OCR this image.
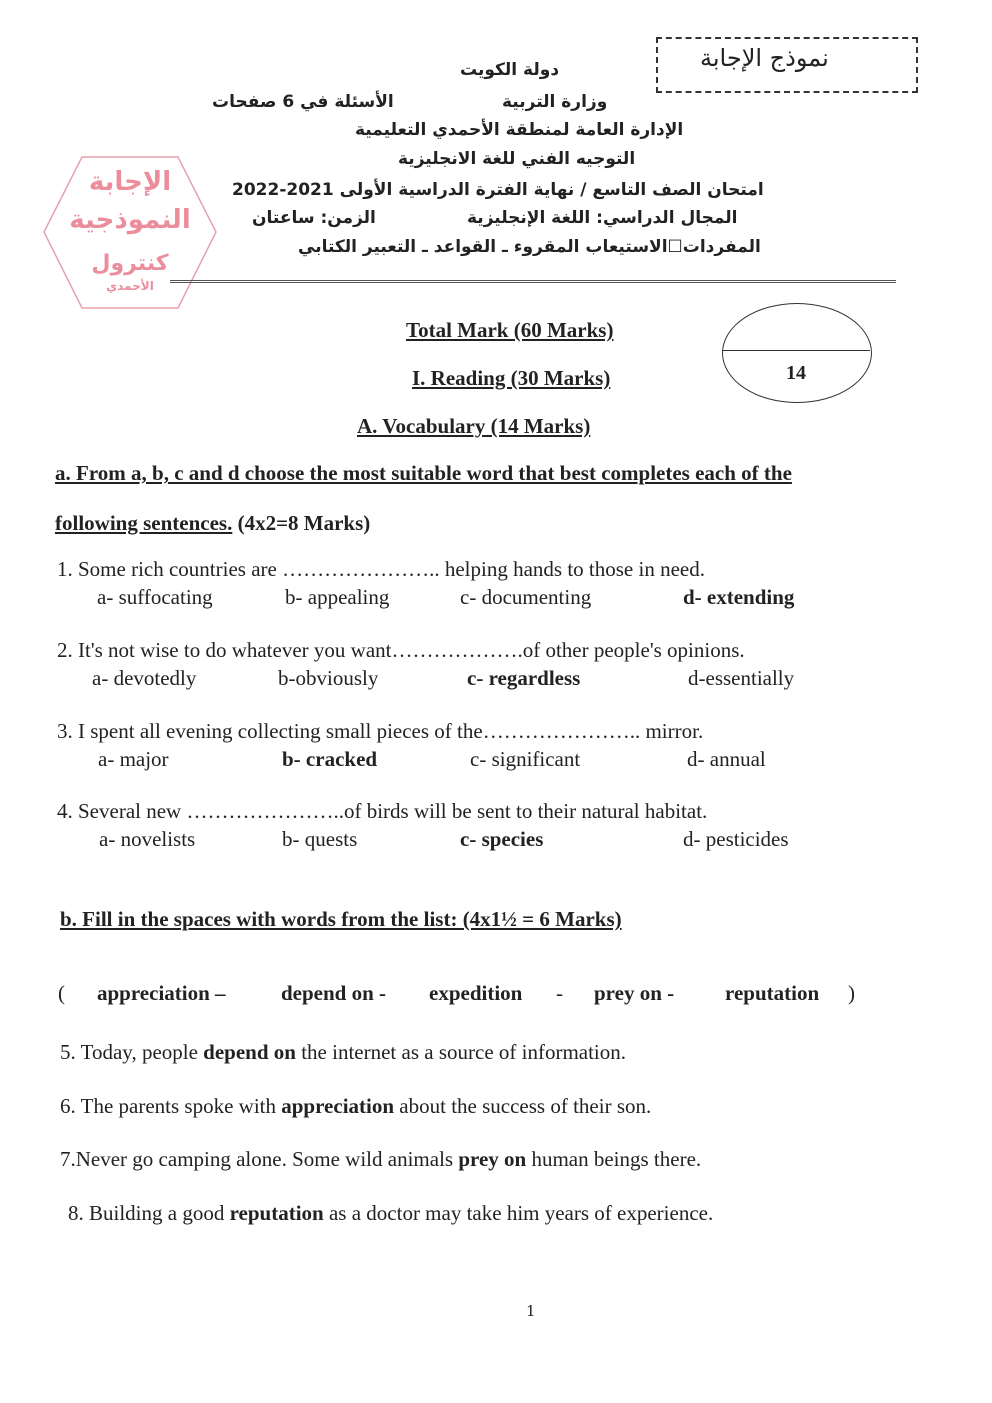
نموذج الإجابة
دولة الكويت
وزارة التربية
الأسئلة في 6 صفحات
الإدارة العامة لمنطقة الأحمدي التعليمية
التوجيه الفني للغة الانجليزية
امتحان الصف التاسع / نهاية الفترة الدراسية الأولى 2021-2022
المجال الدراسي: اللغة الإنجليزية
الزمن: ساعتان
المفردات☐الاستيعاب المقروء ـ القواعد ـ التعبير الكتابي
الإجابة
النموذجية
كنترول
الأحمدي
14
Total Mark (60 Marks)
I. Reading (30 Marks)
A. Vocabulary (14 Marks)
a. From a, b, c and d choose the most suitable word that best completes each of the
following sentences. (4x2=8 Marks)
b. Fill in the spaces with words from the list: (4x1½ = 6 Marks)
1
1. Some rich countries are ………………….. helping hands to those in need.
a- suffocating	b- appealing	c- documenting	d- extending
2. It's not wise to do whatever you want……………….of other people's opinions.
a- devotedly	b-obviously	c- regardless	d-essentially
3. I spent all evening collecting small pieces of the………………….. mirror.
a- major	b- cracked	c- significant	d- annual
4. Several new …………………..of birds will be sent to their natural habitat.
a- novelists	b- quests	c- species	d- pesticides
( appreciation –	depend on - expedition - prey on - reputation )
5. Today, people depend on the internet as a source of information.
6. The parents spoke with appreciation about the success of their son.
7.Never go camping alone. Some wild animals prey on human beings there.
8. Building a good reputation as a doctor may take him years of experience.
